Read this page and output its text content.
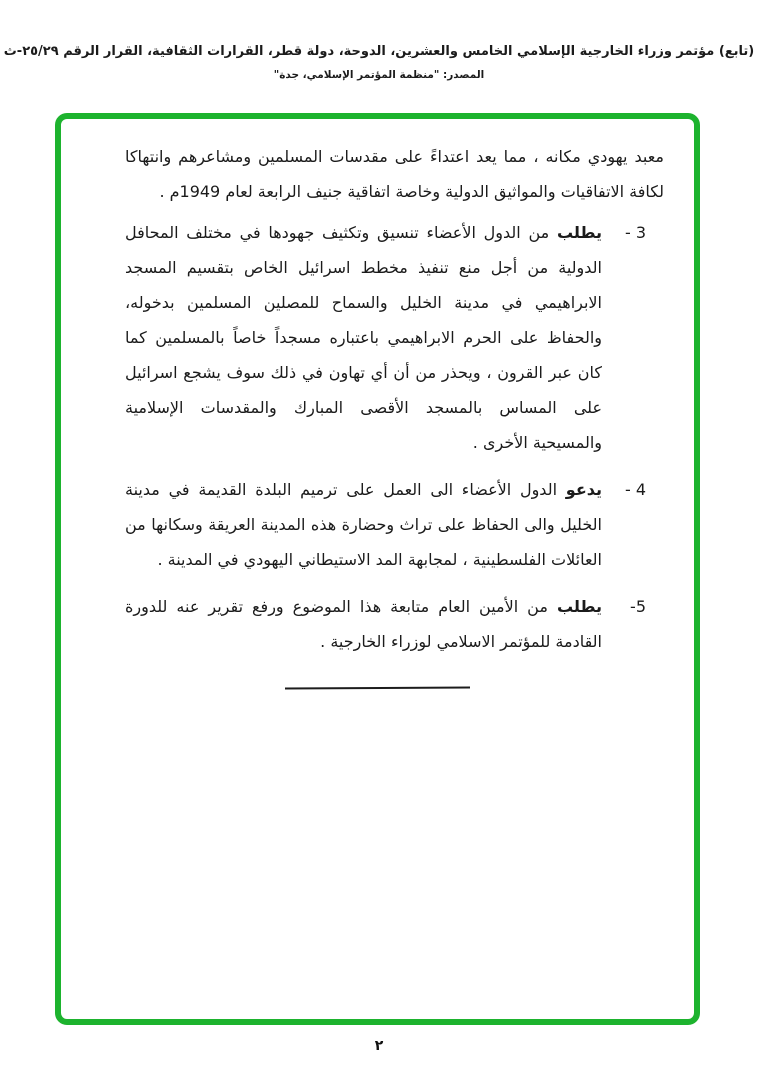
(تابع) مؤتمر وزراء الخارجية الإسلامي الخامس والعشرين، الدوحة، دولة قطر، القرارات الثقافية، القرار الرقم ٢٥/٢٩-ث
المصدر: "منظمة المؤتمر الإسلامي، جدة"

معبد يهودي مكانه ، مما يعد اعتداءً على مقدسات المسلمين ومشاعرهم وانتهاكا لكافة الاتفاقيات والمواثيق الدولية وخاصة اتفاقية جنيف الرابعة لعام 1949م .

3 -
يطلب من الدول الأعضاء تنسيق وتكثيف جهودها في مختلف المحافل الدولية من أجل منع تنفيذ مخطط اسرائيل الخاص بتقسيم المسجد الابراهيمي في مدينة الخليل والسماح للمصلين المسلمين بدخوله، والحفاظ على الحرم الابراهيمي باعتباره مسجداً خاصاً بالمسلمين كما كان عبر القرون ، ويحذر من أن أي تهاون في ذلك سوف يشجع اسرائيل على المساس بالمسجد الأقصى المبارك والمقدسات الإسلامية والمسيحية الأخرى .
4 -
يدعو الدول الأعضاء الى العمل على ترميم البلدة القديمة في مدينة الخليل والى الحفاظ على تراث وحضارة هذه المدينة العريقة وسكانها من العائلات الفلسطينية ، لمجابهة المد الاستيطاني اليهودي في المدينة .
5-
يطلب من الأمين العام متابعة هذا الموضوع ورفع تقرير عنه للدورة القادمة للمؤتمر الاسلامي لوزراء الخارجية .
٢
